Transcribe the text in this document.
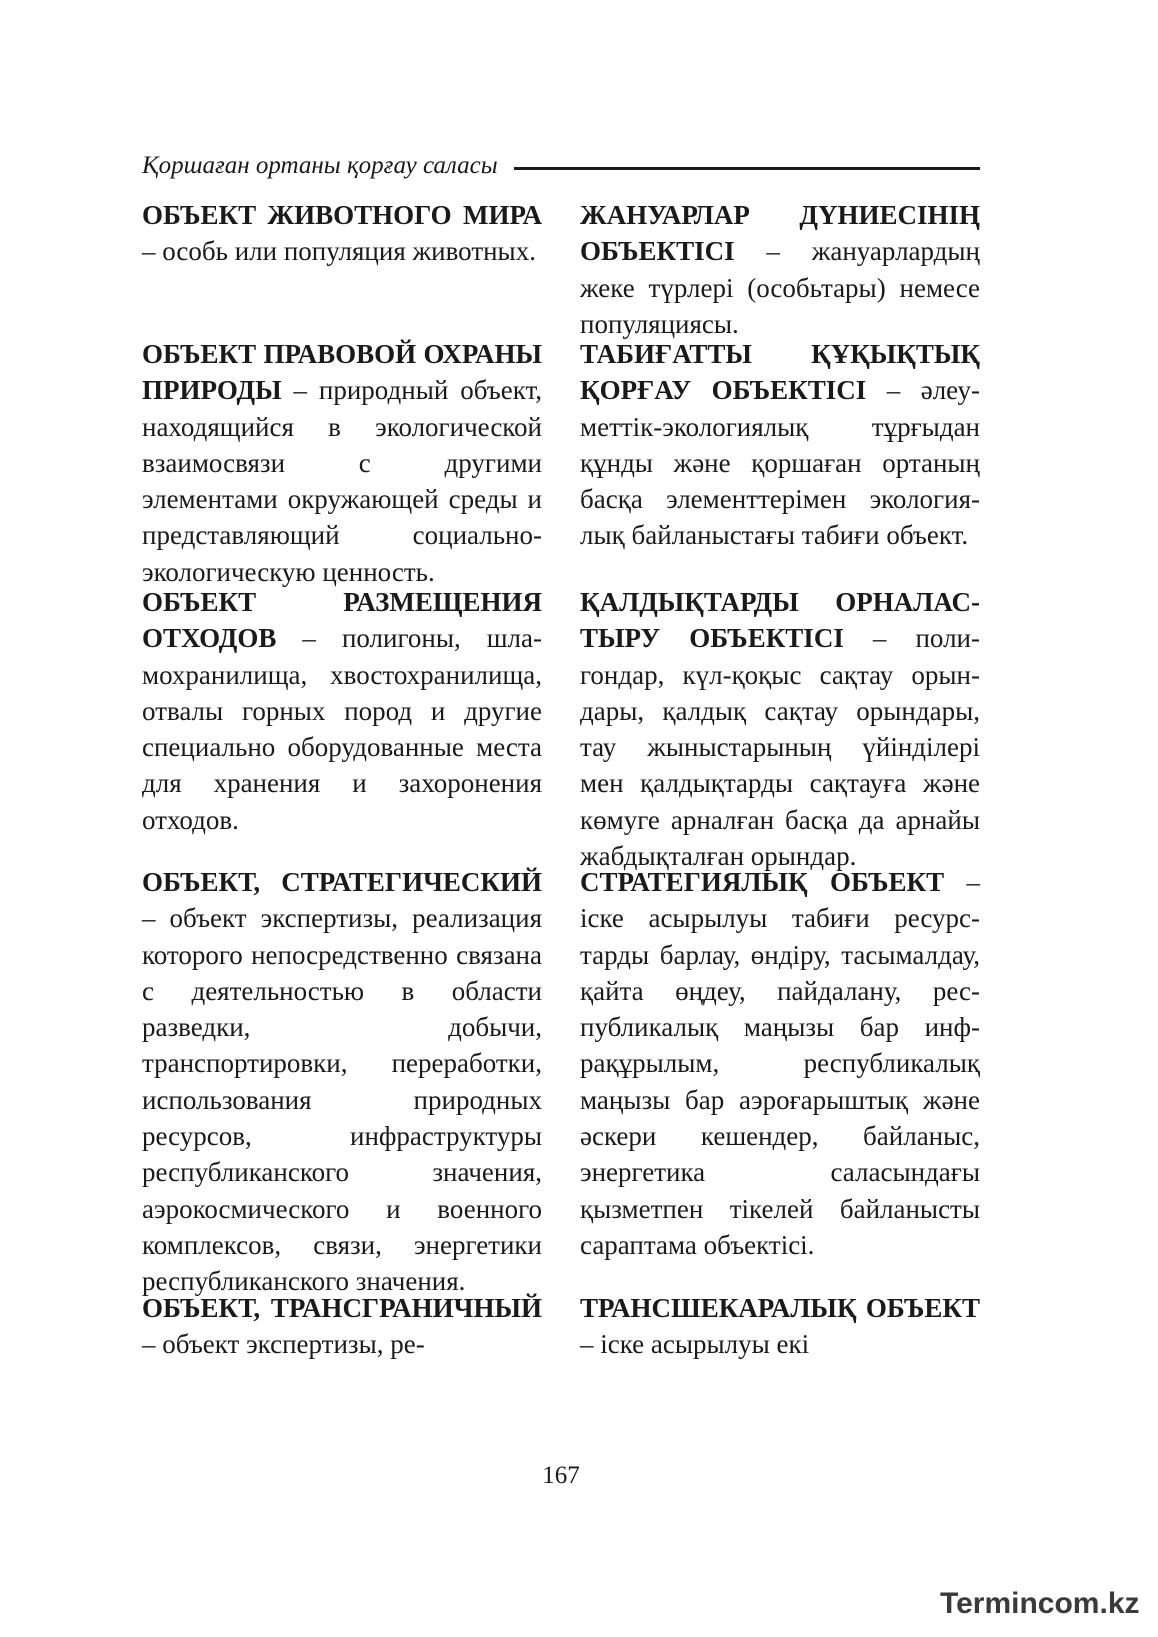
Қоршаған ортаны қорғау саласы
ОБЪЕКТ ЖИВОТНОГО МИРА – особь или популяция животных.
ОБЪЕКТ ПРАВОВОЙ ОХРАНЫ ПРИРОДЫ – природный объект, находящийся в экологической взаимосвязи с другими элементами окружающей среды и представляющий социально-экологическую ценность.
ОБЪЕКТ РАЗМЕЩЕНИЯ ОТХОДОВ – полигоны, шламохранилища, хвостохранилища, отвалы горных пород и другие специально оборудованные места для хранения и захоронения отходов.
ОБЪЕКТ, СТРАТЕГИЧЕСКИЙ – объект экспертизы, реализация которого непосредственно связана с деятельностью в области разведки, добычи, транспортировки, переработки, использования природных ресурсов, инфраструктуры республиканского значения, аэрокосмического и военного комплексов, связи, энергетики республиканского значения.
ОБЪЕКТ, ТРАНСГРАНИЧНЫЙ – объект экспертизы, ре-
ЖАНУАРЛАР ДҮНИЕСІНІҢ ОБЪЕКТІСІ – жануарлардың жеке түрлері (особьтары) немесе популяциясы.
ТАБИҒАТТЫ ҚҰҚЫҚТЫҚ ҚОРҒАУ ОБЪЕКТІСІ – әлеуметтік-экологиялық тұрғыдан құнды және қоршаған ортаның басқа элементтерімен экологиялық байланыстағы табиғи объект.
ҚАЛДЫҚТАРДЫ ОРНАЛАСТЫРУ ОБЪЕКТІСІ – полигондар, күл-қоқыс сақтау орындары, қалдық сақтау орындары, тау жыныстарының үйінділері мен қалдықтарды сақтауға және көмуге арналған басқа да арнайы жабдықталған орындар.
СТРАТЕГИЯЛЫҚ ОБЪЕКТ – іске асырылуы табиғи ресурстарды барлау, өндіру, тасымалдау, қайта өңдеу, пайдалану, республикалық маңызы бар инфрақұрылым, республикалық маңызы бар аэроғарыштық және әскери кешендер, байланыс, энергетика саласындағы қызметпен тікелей байланысты сараптама объектісі.
ТРАНСШЕКАРАЛЫҚ ОБЪЕКТ – іске асырылуы екі
167
Termincom.kz
